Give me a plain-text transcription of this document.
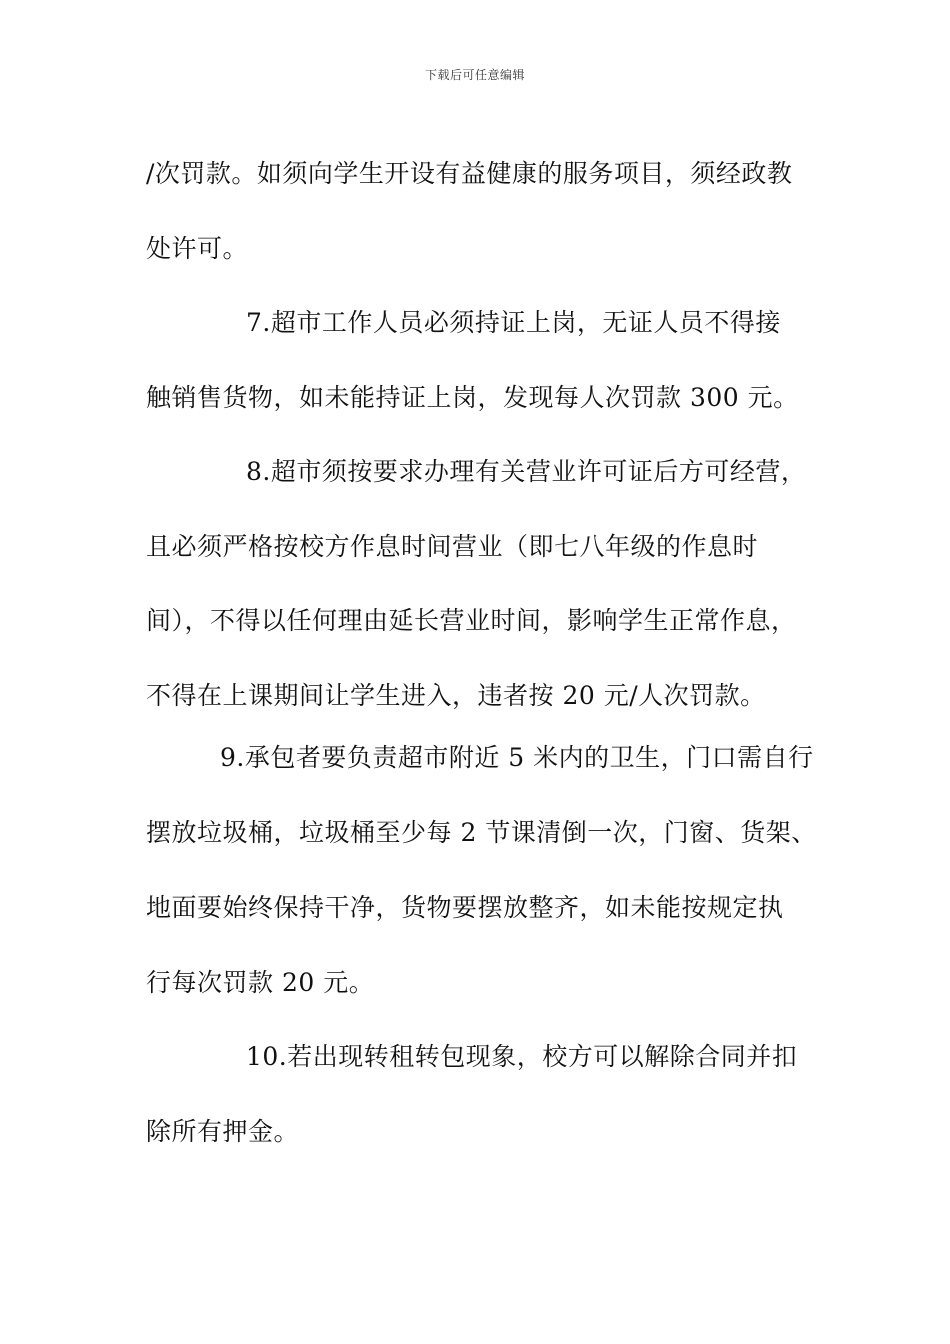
下载后可任意编辑
/次罚款。如须向学生开设有益健康的服务项目，须经政教
处许可。
7.超市工作人员必须持证上岗，无证人员不得接
触销售货物，如未能持证上岗，发现每人次罚款 300 元。
8.超市须按要求办理有关营业许可证后方可经营，
且必须严格按校方作息时间营业（即七八年级的作息时
间），不得以任何理由延长营业时间，影响学生正常作息，
不得在上课期间让学生进入，违者按 20 元/人次罚款。
9.承包者要负责超市附近 5 米内的卫生，门口需自行
摆放垃圾桶，垃圾桶至少每 2 节课清倒一次，门窗、货架、
地面要始终保持干净，货物要摆放整齐，如未能按规定执
行每次罚款 20 元。
10.若出现转租转包现象，校方可以解除合同并扣
除所有押金。
